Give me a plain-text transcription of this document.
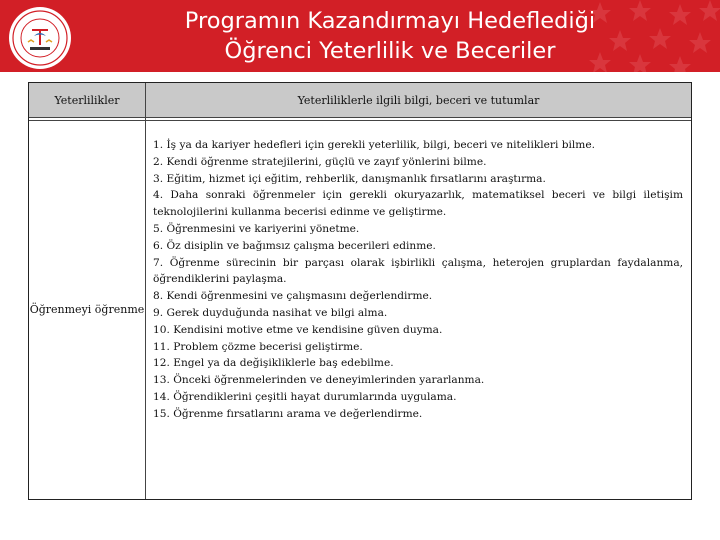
Programın Kazandırmayı Hedeflediği
Öğrenci Yeterlilik ve Beceriler
Yeterlilikler	Yeterliliklerle ilgili bilgi, beceri ve tutumlar
Öğrenmeyi öğrenme
1. İş ya da kariyer hedefleri için gerekli yeterlilik, bilgi, beceri ve nitelikleri bilme.
2. Kendi öğrenme stratejilerini, güçlü ve zayıf yönlerini bilme.
3. Eğitim, hizmet içi eğitim, rehberlik, danışmanlık fırsatlarını araştırma.
4. Daha sonraki öğrenmeler için gerekli okuryazarlık, matematiksel beceri ve bilgi iletişim teknolojilerini kullanma becerisi edinme ve geliştirme.
5. Öğrenmesini ve kariyerini yönetme.
6. Öz disiplin ve bağımsız çalışma becerileri edinme.
7. Öğrenme sürecinin bir parçası olarak işbirlikli çalışma, heterojen gruplardan faydalanma, öğrendiklerini paylaşma.
8. Kendi öğrenmesini ve çalışmasını değerlendirme.
9. Gerek duyduğunda nasihat ve bilgi alma.
10. Kendisini motive etme ve kendisine güven duyma.
11. Problem çözme becerisi geliştirme.
12. Engel ya da değişikliklerle baş edebilme.
13. Önceki öğrenmelerinden ve deneyimlerinden yararlanma.
14. Öğrendiklerini çeşitli hayat durumlarında uygulama.
15. Öğrenme fırsatlarını arama ve değerlendirme.
